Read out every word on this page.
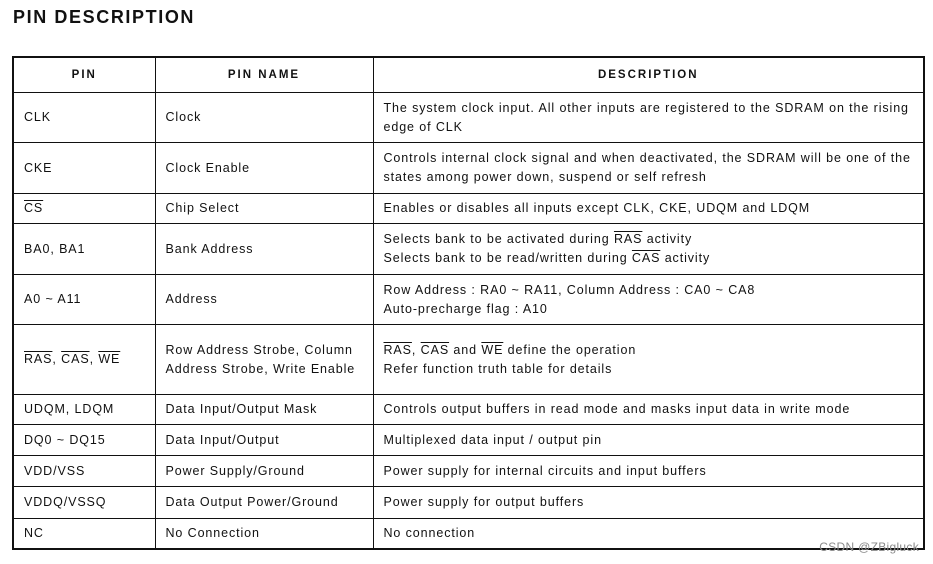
PIN DESCRIPTION
PIN	PIN NAME	DESCRIPTION
CLK	Clock	The system clock input. All other inputs are registered to the SDRAM on the rising edge of CLK
CKE	Clock Enable	Controls internal clock signal and when deactivated, the SDRAM will be one of the states among power down, suspend or self refresh
$\overline{CS}$	Chip Select	Enables or disables all inputs except CLK, CKE, UDQM and LDQM
BA0, BA1	Bank Address	Selects bank to be activated during $\overline{RAS}$ activity
Selects bank to be read/written during $\overline{CAS}$ activity

A0 ~ A11	Address	Row Address : RA0 ~ RA11, Column Address : CA0 ~ CA8
Auto-precharge flag : A10

$\overline{RAS}$, $\overline{CAS}$, $\overline{WE}$	Row Address Strobe, Column Address Strobe, Write Enable	$\overline{RAS}$, $\overline{CAS}$ and $\overline{WE}$ define the operation
Refer function truth table for details

UDQM, LDQM	Data Input/Output Mask	Controls output buffers in read mode and masks input data in write mode
DQ0 ~ DQ15	Data Input/Output	Multiplexed data input / output pin
VDD/VSS	Power Supply/Ground	Power supply for internal circuits and input buffers
VDDQ/VSSQ	Data Output Power/Ground	Power supply for output buffers
NC	No Connection	No connection
CSDN @ZBigluck
